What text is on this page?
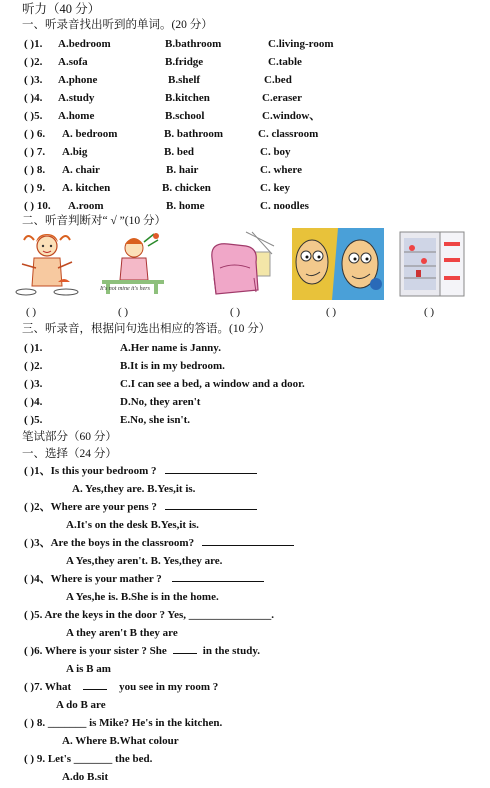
听力（40 分）
一、听录音找出听到的单词。(20 分）
( )1. A.bedroom	B.bathroom	C.living-room
( )2. A.sofa	B.fridge	C.table
( )3. A.phone	B.shelf	C.bed
( )4. A.study	B.kitchen	C.eraser
( )5. A.home	B.school	C.window、
( ) 6. A. bedroom	B. bathroom	C. classroom
( ) 7. A.big	B. bed	C. boy
( ) 8. A. chair	B. hair	C. where
( ) 9. A. kitchen	B. chicken	C. key
( ) 10. A.room	B. home	C. noodles
二、听音判断对“ √ ”(10 分）
It's not mine it's hers
( )	( )	( )	( )	( )
三、听录音，根据问句选出相应的答语。(10 分）
( )1.	A.Her name is Janny.
( )2.	B.It is in my bedroom.
( )3.	C.I can see a bed, a window and a door.
( )4.	D.No, they aren't
( )5.	E.No, she isn't.
笔试部分（60 分）
一、选择（24 分）
( )1、Is this your bedroom ?
A. Yes,they are. B.Yes,it is.
( )2、Where are your pens ?
A.It's on the desk B.Yes,it is.
( )3、Are the boys in the classroom?
A Yes,they aren't. B. Yes,they are.
( )4、Where is your mather ?
A Yes,he is. B.She is in the home.
( )5. Are the keys in the door ? Yes, _______________.
A they aren't B they are
( )6. Where is your sister ? She	in the study.
A is B am
( )7. What	you see in my room ?
A do B are
( ) 8. _______ is Mike? He's in the kitchen.
A. Where B.What colour
( ) 9. Let's _______ the bed.
A.do B.sit
